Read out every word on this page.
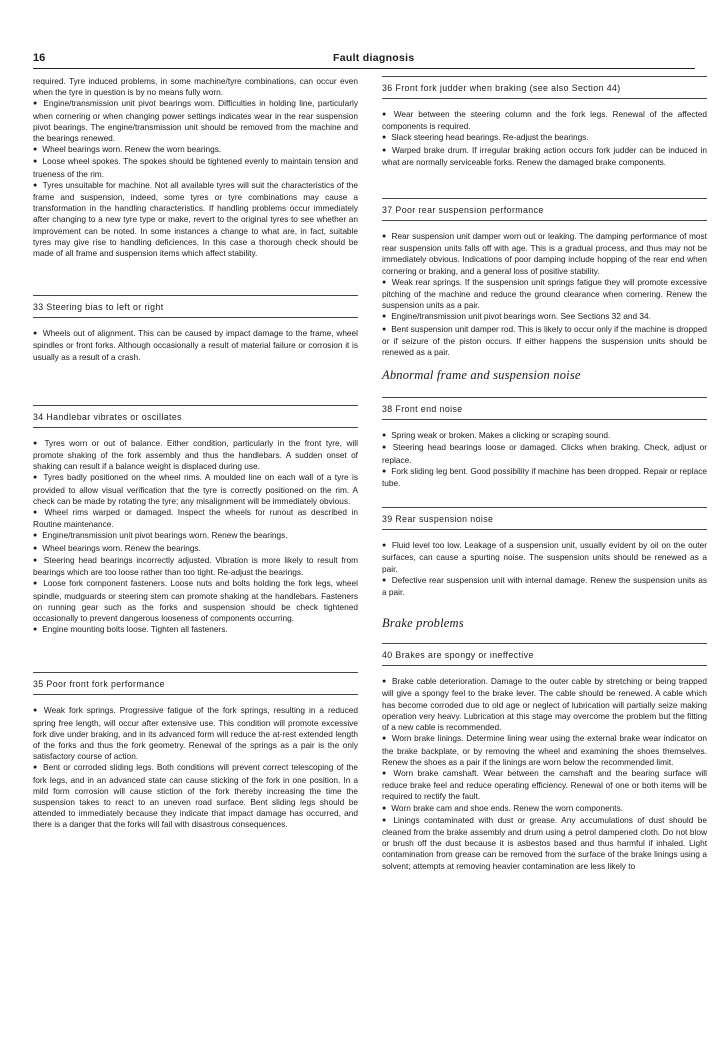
16	Fault diagnosis

required. Tyre induced problems, in some machine/tyre combinations, can occur even when the tyre in question is by no means fully worn.

● Engine/transmission unit pivot bearings worn. Difficulties in holding line, particularly when cornering or when changing power settings indicates wear in the rear suspension pivot bearings. The engine/transmission unit should be removed from the machine and the bearings renewed.

● Wheel bearings worn. Renew the worn bearings.

● Loose wheel spokes. The spokes should be tightened evenly to maintain tension and trueness of the rim.

● Tyres unsuitable for machine. Not all available tyres will suit the characteristics of the frame and suspension, indeed, some tyres or tyre combinations may cause a transformation in the handling characteristics. If handling problems occur immediately after changing to a new tyre type or make, revert to the original tyres to see whether an improvement can be noted. In some instances a change to what are, in fact, suitable tyres may give rise to handling deficiences. In this case a thorough check should be made of all frame and suspension items which affect stability.

33 Steering bias to left or right

● Wheels out of alignment. This can be caused by impact damage to the frame, wheel spindles or front forks. Although occasionally a result of material failure or corrosion it is usually as a result of a crash.

34 Handlebar vibrates or oscillates

● Tyres worn or out of balance. Either condition, particularly in the front tyre, will promote shaking of the fork assembly and thus the handlebars. A sudden onset of shaking can result if a balance weight is displaced during use.

● Tyres badly positioned on the wheel rims. A moulded line on each wall of a tyre is provided to allow visual verification that the tyre is correctly positioned on the rim. A check can be made by rotating the tyre; any misalignment will be immediately obvious.

● Wheel rims warped or damaged. Inspect the wheels for runout as described in Routine maintenance.

● Engine/transmission unit pivot bearings worn. Renew the bearings.

● Wheel bearings worn. Renew the bearings.

● Steering head bearings incorrectly adjusted. Vibration is more likely to result from bearings which are too loose rather than too tight. Re-adjust the bearings.

● Loose fork component fasteners. Loose nuts and bolts holding the fork legs, wheel spindle, mudguards or steering stem can promote shaking at the handlebars. Fasteners on running gear such as the forks and suspension should be check tightened occasionally to prevent dangerous looseness of components occurring.

● Engine mounting bolts loose. Tighten all fasteners.

35 Poor front fork performance

● Weak fork springs. Progressive fatigue of the fork springs, resulting in a reduced spring free length, will occur after extensive use. This condition will promote excessive fork dive under braking, and in its advanced form will reduce the at-rest extended length of the forks and thus the fork geometry. Renewal of the springs as a pair is the only satisfactory course of action.

● Bent or corroded sliding legs. Both conditions will prevent correct telescoping of the fork legs, and in an advanced state can cause sticking of the fork in one position. In a mild form corrosion will cause stiction of the fork thereby increasing the time the suspension takes to react to an uneven road surface. Bent sliding legs should be attended to immediately because they indicate that impact damage has occurred, and there is a danger that the forks will fail with disastrous consequences.

36 Front fork judder when braking (see also Section 44)

● Wear between the steering column and the fork legs. Renewal of the affected components is required.

● Slack steering head bearings. Re-adjust the bearings.

● Warped brake drum. If irregular braking action occurs fork judder can be induced in what are normally serviceable forks. Renew the damaged brake components.

37 Poor rear suspension performance

● Rear suspension unit damper worn out or leaking. The damping performance of most rear suspension units falls off with age. This is a gradual process, and thus may not be immediately obvious. Indications of poor damping include hopping of the rear end when cornering or braking, and a general loss of positive stability.

● Weak rear springs. If the suspension unit springs fatigue they will promote excessive pitching of the machine and reduce the ground clearance when cornering. Renew the suspension units as a pair.

● Engine/transmission unit pivot bearings worn. See Sections 32 and 34.

● Bent suspension unit damper rod. This is likely to occur only if the machine is dropped or if seizure of the piston occurs. If either happens the suspension units should be renewed as a pair.

Abnormal frame and suspension noise
38 Front end noise

● Spring weak or broken. Makes a clicking or scraping sound.

● Steering head bearings loose or damaged. Clicks when braking. Check, adjust or replace.

● Fork sliding leg bent. Good possibility if machine has been dropped. Repair or replace tube.

39 Rear suspension noise

● Fluid level too low. Leakage of a suspension unit, usually evident by oil on the outer surfaces, can cause a spurting noise. The suspension units should be renewed as a pair.

● Defective rear suspension unit with internal damage. Renew the suspension units as a pair.

Brake problems
40 Brakes are spongy or ineffective

● Brake cable deterioration. Damage to the outer cable by stretching or being trapped will give a spongy feel to the brake lever. The cable should be renewed. A cable which has become corroded due to old age or neglect of lubrication will partially seize making operation very heavy. Lubrication at this stage may overcome the problem but the fitting of a new cable is recommended.

● Worn brake linings. Determine lining wear using the external brake wear indicator on the brake backplate, or by removing the wheel and examining the shoes themselves. Renew the shoes as a pair if the linings are worn below the recommended limit.

● Worn brake camshaft. Wear between the camshaft and the bearing surface will reduce brake feel and reduce operating efficiency. Renewal of one or both items will be required to rectify the fault.

● Worn brake cam and shoe ends. Renew the worn components.

● Linings contaminated with dust or grease. Any accumulations of dust should be cleaned from the brake assembly and drum using a petrol dampened cloth. Do not blow or brush off the dust because it is asbestos based and thus harmful if inhaled. Light contamination from grease can be removed from the surface of the brake linings using a solvent; attempts at removing heavier contamination are less likely to
